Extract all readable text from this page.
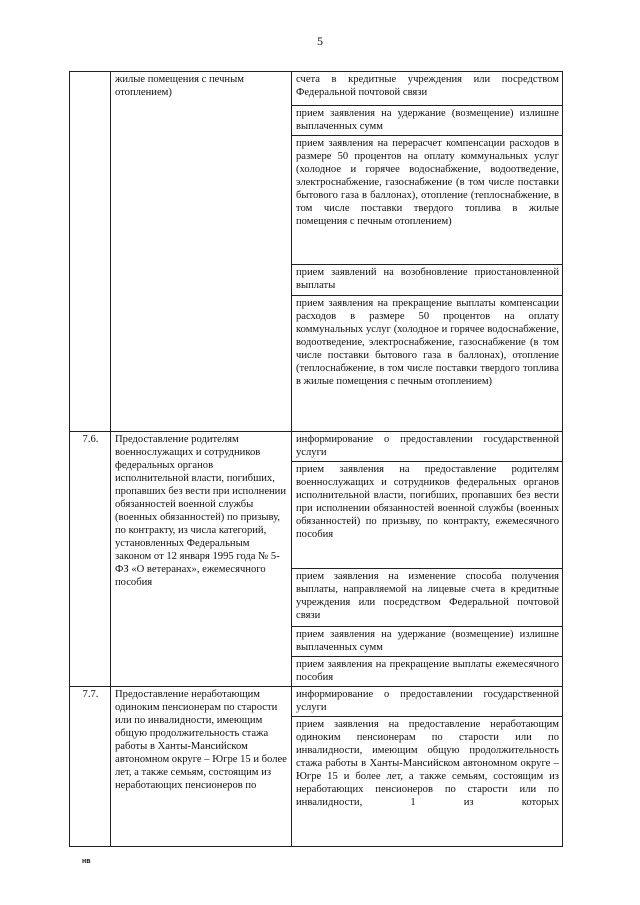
5
	жилые помещения с печным отоплением)	счета в кредитные учреждения или посредством Федеральной почтовой связи
		прием заявления на удержание (возмещение) излишне выплаченных сумм
		прием заявления на перерасчет компенсации расходов в размере 50 процентов на оплату коммунальных услуг (холодное и горячее водоснабжение, водоотведение, электроснабжение, газоснабжение (в том числе поставки бытового газа в баллонах), отопление (теплоснабжение, в том числе поставки твердого топлива в жилые помещения с печным отоплением)
		прием заявлений на возобновление приостановленной выплаты
		прием заявления на прекращение выплаты компенсации расходов в размере 50 процентов на оплату коммунальных услуг (холодное и горячее водоснабжение, водоотведение, электроснабжение, газоснабжение (в том числе поставки бытового газа в баллонах), отопление (теплоснабжение, в том числе поставки твердого топлива в жилые помещения с печным отоплением)
7.6.	Предоставление родителям военнослужащих и сотрудников федеральных органов исполнительной власти, погибших, пропавших без вести при исполнении обязанностей военной службы (военных обязанностей) по призыву, по контракту, из числа категорий, установленных Федеральным законом от 12 января 1995 года № 5-ФЗ «О ветеранах», ежемесячного пособия	информирование о предоставлении государственной услуги
		прием заявления на предоставление родителям военнослужащих и сотрудников федеральных органов исполнительной власти, погибших, пропавших без вести при исполнении обязанностей военной службы (военных обязанностей) по призыву, по контракту, ежемесячного пособия
		прием заявления на изменение способа получения выплаты, направляемой на лицевые счета в кредитные учреждения или посредством Федеральной почтовой связи
		прием заявления на удержание (возмещение) излишне выплаченных сумм
		прием заявления на прекращение выплаты ежемесячного пособия
7.7.	Предоставление неработающим одиноким пенсионерам по старости или по инвалидности, имеющим общую продолжительность стажа работы в Ханты-Мансийском автономном округе – Югре 15 и более лет, а также семьям, состоящим из неработающих пенсионеров по	информирование о предоставлении государственной услуги
		прием заявления на предоставление неработающим одиноким пенсионерам по старости или по инвалидности, имеющим общую продолжительность стажа работы в Ханты-Мансийском автономном округе – Югре 15 и более лет, а также семьям, состоящим из неработающих пенсионеров по старости или по инвалидности, 1 из которых
нв
